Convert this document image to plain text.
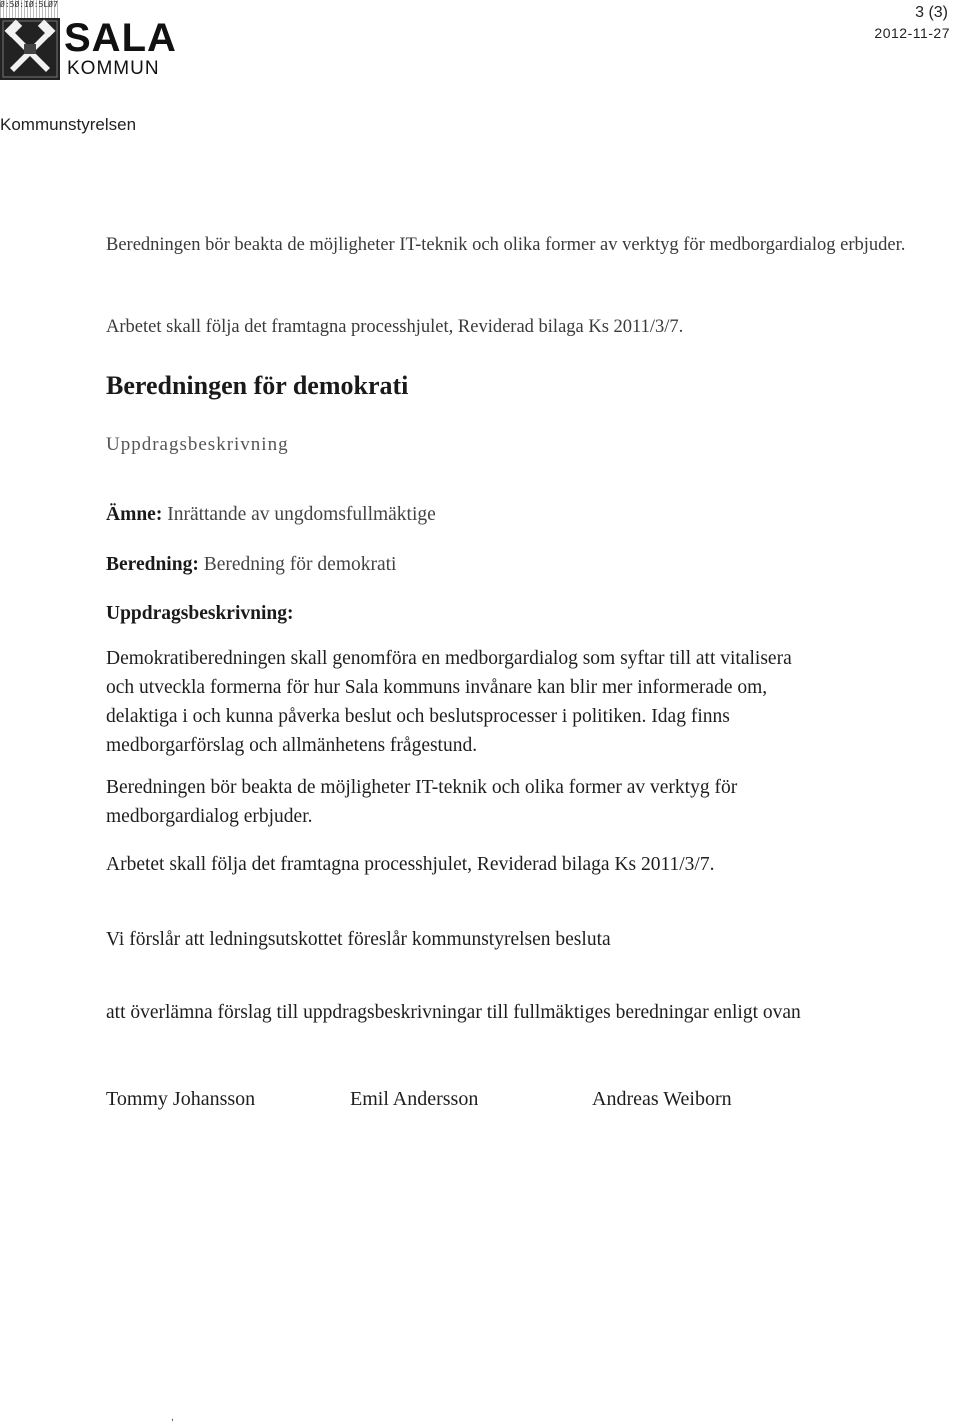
Ø:5Ø:IØ:5LØ7
SALA
KOMMUN
3 (3)
2012-11-27
Kommunstyrelsen
Beredningen bör beakta de möjligheter IT-teknik och olika former av verktyg för medborgardialog erbjuder.
Arbetet skall följa det framtagna processhjulet, Reviderad bilaga Ks 2011/3/7.
Beredningen för demokrati
Uppdragsbeskrivning
Ämne: Inrättande av ungdomsfullmäktige
Beredning: Beredning för demokrati
Uppdragsbeskrivning:
Demokratiberedningen skall genomföra en medborgardialog som syftar till att vitalisera och utveckla formerna för hur Sala kommuns invånare kan blir mer informerade om, delaktiga i och kunna påverka beslut och beslutsprocesser i politiken. Idag finns medborgarförslag och allmänhetens frågestund.
Beredningen bör beakta de möjligheter IT-teknik och olika former av verktyg för medborgardialog erbjuder.
Arbetet skall följa det framtagna processhjulet, Reviderad bilaga Ks 2011/3/7.
Vi förslår att ledningsutskottet föreslår kommunstyrelsen besluta
att överlämna förslag till uppdragsbeskrivningar till fullmäktiges beredningar enligt ovan
Tommy Johansson	Emil Andersson	Andreas Weiborn
,
